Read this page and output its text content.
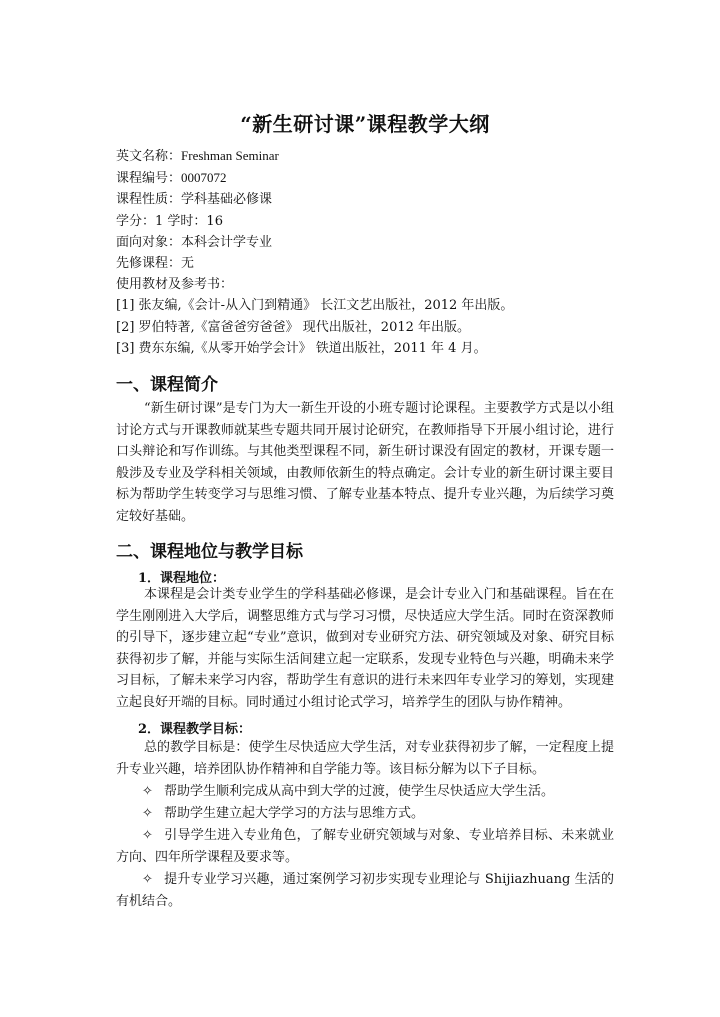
“新生研讨课”课程教学大纲
英文名称：Freshman Seminar
课程编号：0007072
课程性质：学科基础必修课
学分：1 学时：16
面向对象：本科会计学专业
先修课程：无
使用教材及参考书：
[1] 张友编,《会计-从入门到精通》 长江文艺出版社，2012 年出版。
[2] 罗伯特著,《富爸爸穷爸爸》 现代出版社，2012 年出版。
[3] 费东东编,《从零开始学会计》 铁道出版社，2011 年 4 月。
一、课程简介
“新生研讨课”是专门为大一新生开设的小班专题讨论课程。主要教学方式是以小组讨论方式与开课教师就某些专题共同开展讨论研究，在教师指导下开展小组讨论，进行口头辩论和写作训练。与其他类型课程不同，新生研讨课没有固定的教材，开课专题一般涉及专业及学科相关领域，由教师依新生的特点确定。会计专业的新生研讨课主要目标为帮助学生转变学习与思维习惯、了解专业基本特点、提升专业兴趣，为后续学习奠定较好基础。
二、课程地位与教学目标
1．课程地位：
本课程是会计类专业学生的学科基础必修课，是会计专业入门和基础课程。旨在在学生刚刚进入大学后，调整思维方式与学习习惯，尽快适应大学生活。同时在资深教师的引导下，逐步建立起“专业”意识，做到对专业研究方法、研究领域及对象、研究目标获得初步了解，并能与实际生活间建立起一定联系，发现专业特色与兴趣，明确未来学习目标，了解未来学习内容，帮助学生有意识的进行未来四年专业学习的筹划，实现建立起良好开端的目标。同时通过小组讨论式学习，培养学生的团队与协作精神。
2．课程教学目标：
总的教学目标是：使学生尽快适应大学生活，对专业获得初步了解，一定程度上提升专业兴趣，培养团队协作精神和自学能力等。该目标分解为以下子目标。
✧ 帮助学生顺利完成从高中到大学的过渡，使学生尽快适应大学生活。
✧ 帮助学生建立起大学学习的方法与思维方式。
✧ 引导学生进入专业角色，了解专业研究领域与对象、专业培养目标、未来就业方向、四年所学课程及要求等。
✧ 提升专业学习兴趣，通过案例学习初步实现专业理论与 Shijiazhuang 生活的有机结合。
